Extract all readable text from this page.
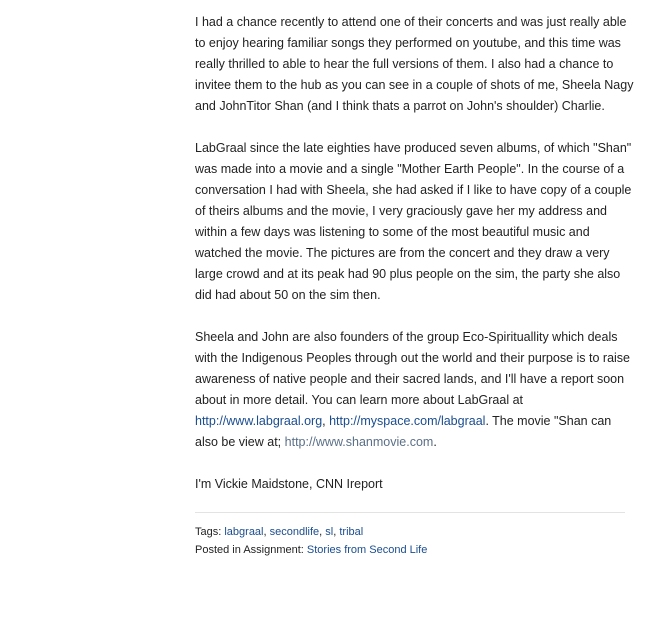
I had a chance recently to attend one of their concerts and was just really able to enjoy hearing familiar songs they performed on youtube, and this time was really thrilled to able to hear the full versions of them. I also had a chance to invitee them to the hub as you can see in a couple of shots of me, Sheela Nagy and JohnTitor Shan (and I think thats a parrot on John's shoulder) Charlie.

LabGraal since the late eighties have produced seven albums, of which "Shan" was made into a movie and a single "Mother Earth People". In the course of a conversation I had with Sheela, she had asked if I like to have copy of a couple of theirs albums and the movie, I very graciously gave her my address and within a few days was listening to some of the most beautiful music and watched the movie. The pictures are from the concert and they draw a very large crowd and at its peak had 90 plus people on the sim, the party she also did had about 50 on the sim then.

Sheela and John are also founders of the group Eco-Spirituallity which deals with the Indigenous Peoples through out the world and their purpose is to raise awareness of native people and their sacred lands, and I'll have a report soon about in more detail. You can learn more about LabGraal at http://www.labgraal.org, http://myspace.com/labgraal. The movie "Shan can also be view at; http://www.shanmovie.com.

I'm Vickie Maidstone, CNN Ireport

Tags: labgraal, secondlife, sl, tribal
Posted in Assignment: Stories from Second Life
